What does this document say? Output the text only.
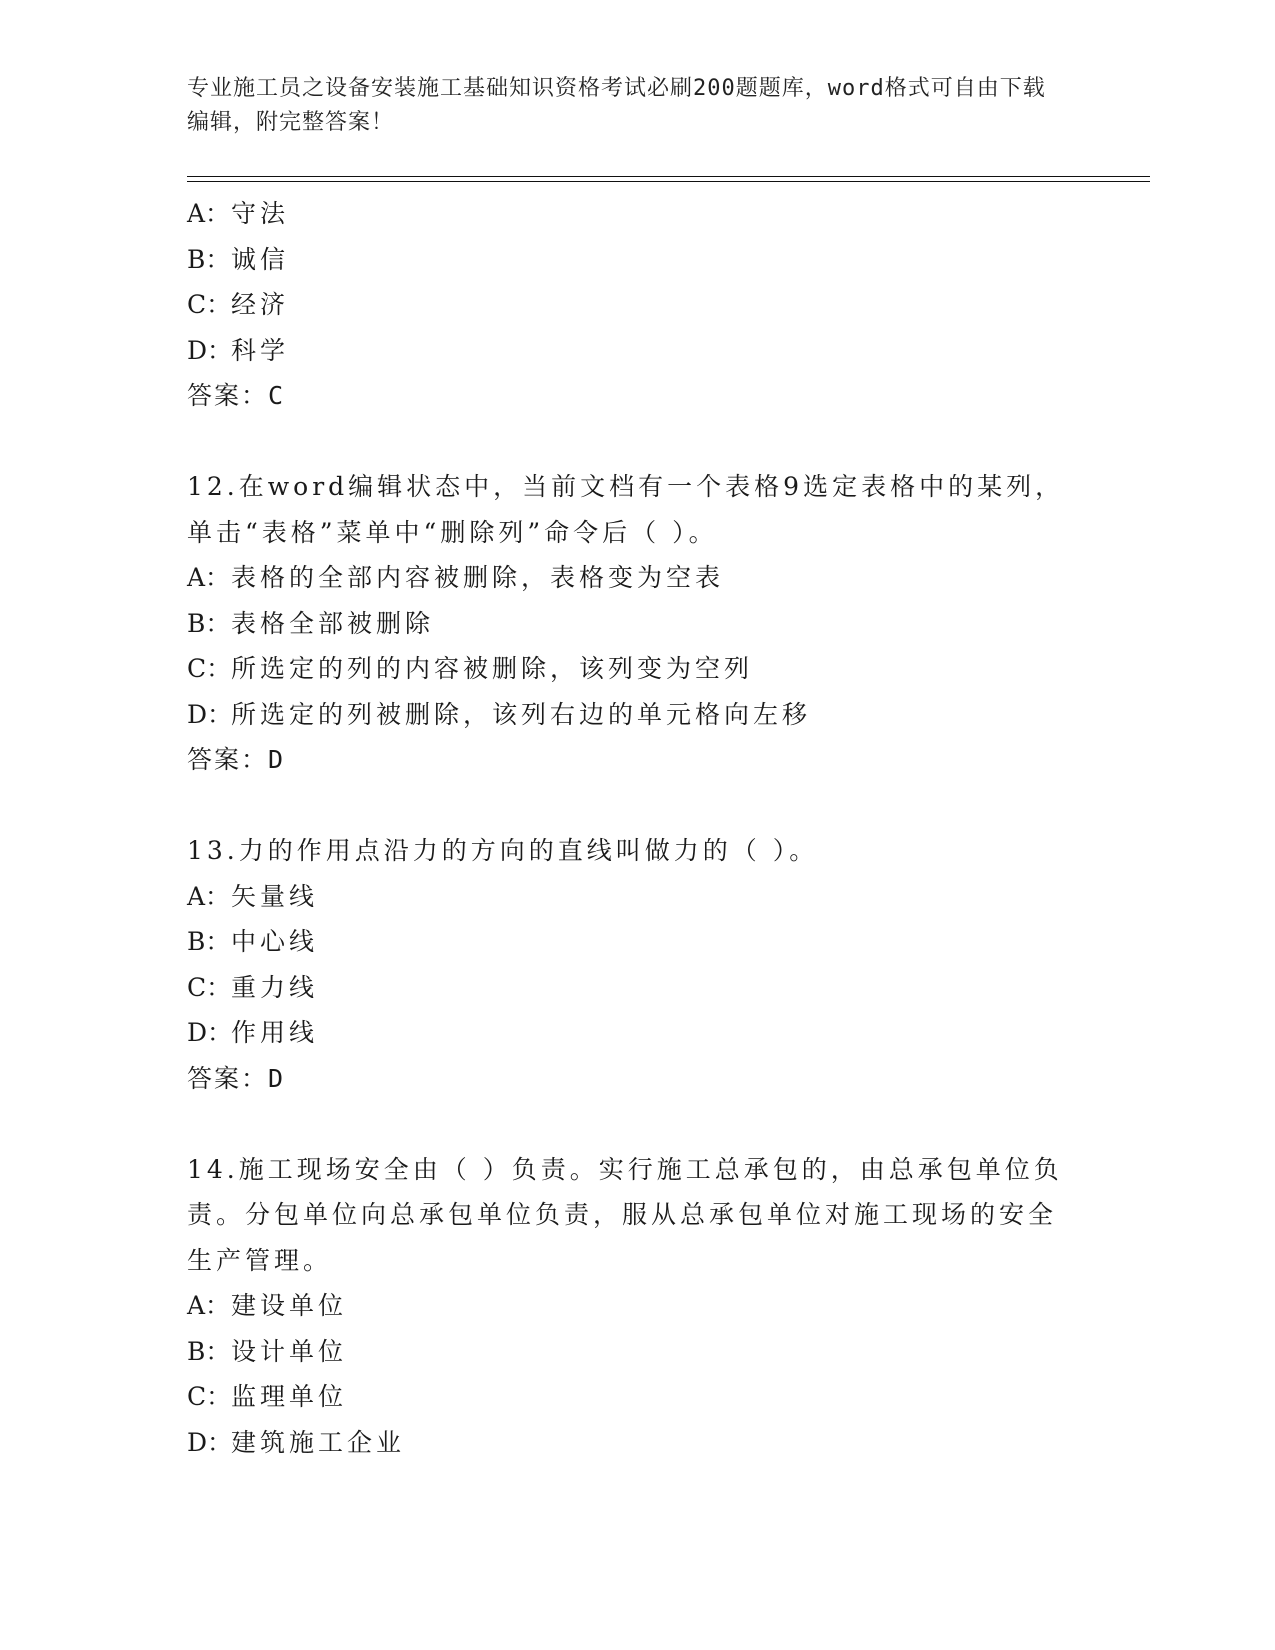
专业施工员之设备安装施工基础知识资格考试必刷200题题库，word格式可自由下载编辑，附完整答案！
A：守法
B：诚信
C：经济
D：科学
答案：C
12.在word编辑状态中，当前文档有一个表格9选定表格中的某列，单击“表格”菜单中“删除列”命令后（ ）。
A：表格的全部内容被删除，表格变为空表
B：表格全部被删除
C：所选定的列的内容被删除，该列变为空列
D：所选定的列被删除，该列右边的单元格向左移
答案：D
13.力的作用点沿力的方向的直线叫做力的（ ）。
A：矢量线
B：中心线
C：重力线
D：作用线
答案：D
14.施工现场安全由（ ）负责。实行施工总承包的，由总承包单位负责。分包单位向总承包单位负责，服从总承包单位对施工现场的安全生产管理。
A：建设单位
B：设计单位
C：监理单位
D：建筑施工企业
